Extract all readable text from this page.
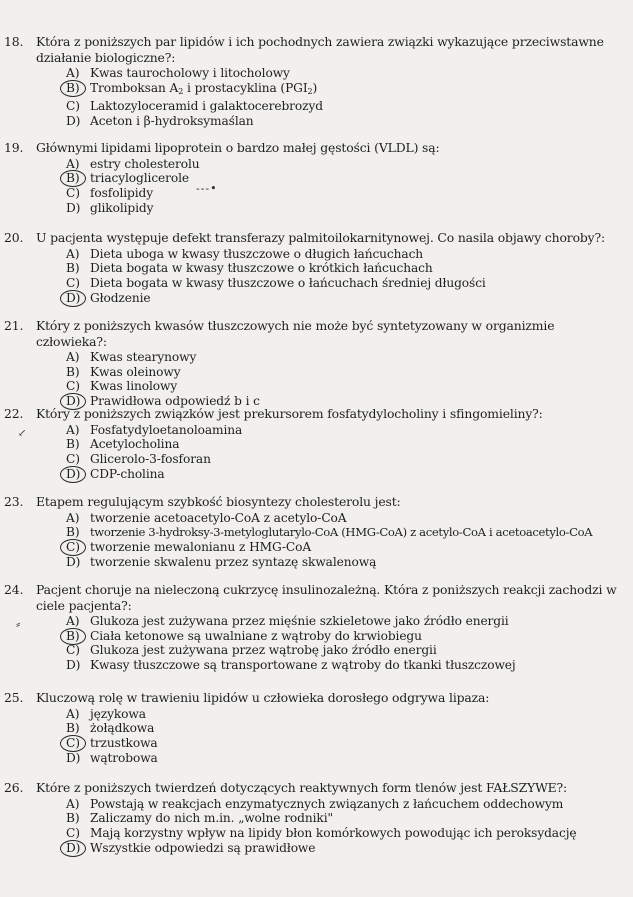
18. Która z poniższych par lipidów i ich pochodnych zawiera związki wykazujące przeciwstawne działanie biologiczne?:
A) Kwas taurocholowy i litocholowy
B) Tromboksan $A_2$ i prostacyklina $(PGI_2)$
C) Laktozyloceramid i galaktocerebrozyd
D) Aceton i β-hydroksymaślan
19. Głównymi lipidami lipoprotein o bardzo małej gęstości (VLDL) są:
A) estry cholesterolu
B) triacyloglicerole
C) fosfolipidy
D) glikolipidy
---•
20. U pacjenta występuje defekt transferazy palmitoilokarnitynowej. Co nasila objawy choroby?:
A) Dieta uboga w kwasy tłuszczowe o długich łańcuchach
B) Dieta bogata w kwasy tłuszczowe o krótkich łańcuchach
C) Dieta bogata w kwasy tłuszczowe o łańcuchach średniej długości
D) Głodzenie
21. Który z poniższych kwasów tłuszczowych nie może być syntetyzowany w organizmie człowieka?:
A) Kwas stearynowy
B) Kwas oleinowy
C) Kwas linolowy
D) Prawidłowa odpowiedź b i c
22. Który z poniższych związków jest prekursorem fosfatydylocholiny i sfingomieliny?:
A) Fosfatydyloetanoloamina
B) Acetylocholina
C) Glicerolo-3-fosforan
D) CDP-cholina
↙
23. Etapem regulującym szybkość biosyntezy cholesterolu jest:
A) tworzenie acetoacetylo-CoA z acetylo-CoA
B) tworzenie 3-hydroksy-3-metyloglutarylo-CoA (HMG-CoA) z acetylo-CoA i acetoacetylo-CoA
C) tworzenie mewalonianu z HMG-CoA
D) tworzenie skwalenu przez syntazę skwalenową
24. Pacjent choruje na nieleczoną cukrzycę insulinozależną. Która z poniższych reakcji zachodzi w ciele pacjenta?:
A) Glukoza jest zużywana przez mięśnie szkieletowe jako źródło energii
B) Ciała ketonowe są uwalniane z wątroby do krwiobiegu
C) Glukoza jest zużywana przez wątrobę jako źródło energii
D) Kwasy tłuszczowe są transportowane z wątroby do tkanki tłuszczowej
⸗
25. Kluczową rolę w trawieniu lipidów u człowieka dorosłego odgrywa lipaza:
A) językowa
B) żołądkowa
C) trzustkowa
D) wątrobowa
26. Które z poniższych twierdzeń dotyczących reaktywnych form tlenów jest FAŁSZYWE?:
A) Powstają w reakcjach enzymatycznych związanych z łańcuchem oddechowym
B) Zaliczamy do nich m.in. „wolne rodniki"
C) Mają korzystny wpływ na lipidy błon komórkowych powodując ich peroksydację
D) Wszystkie odpowiedzi są prawidłowe
